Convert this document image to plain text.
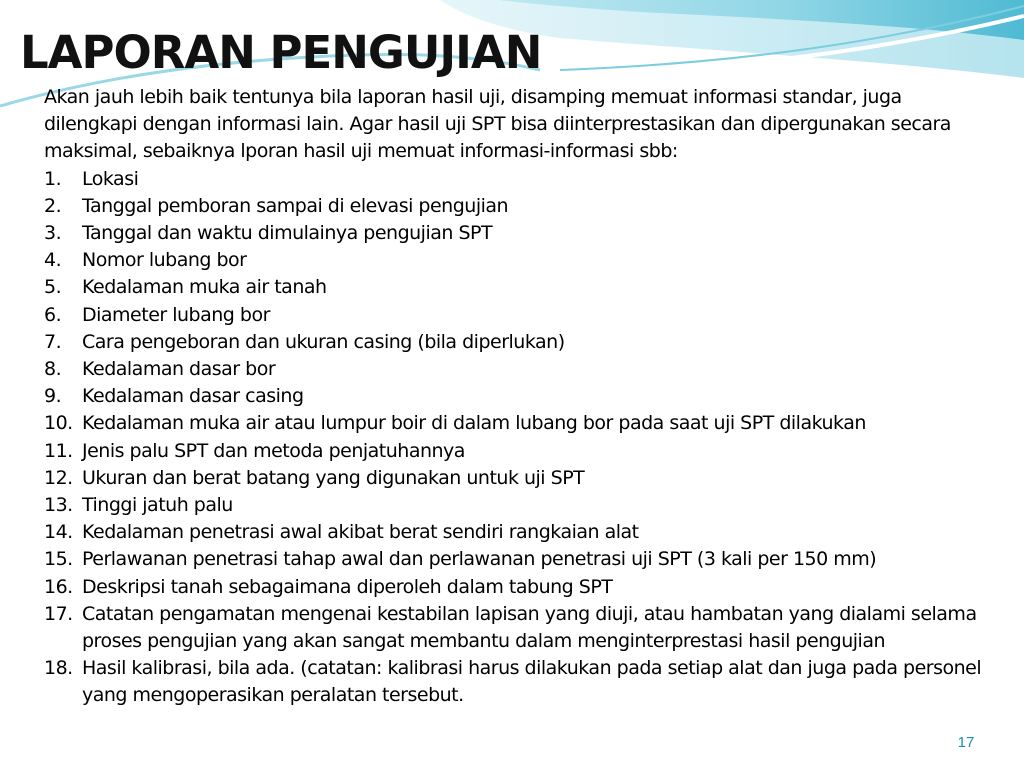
LAPORAN PENGUJIAN

Akan jauh lebih baik tentunya bila laporan hasil uji, disamping memuat informasi standar, juga dilengkapi dengan informasi lain. Agar hasil uji SPT bisa diinterprestasikan dan dipergunakan secara maksimal, sebaiknya lporan hasil uji memuat informasi-informasi sbb:

1.	Lokasi
2.	Tanggal pemboran sampai di elevasi pengujian
3.	Tanggal dan waktu dimulainya pengujian SPT
4.	Nomor lubang bor
5.	Kedalaman muka air tanah
6.	Diameter lubang bor
7.	Cara pengeboran dan ukuran casing (bila diperlukan)
8.	Kedalaman dasar bor
9.	Kedalaman dasar casing
10. Kedalaman muka air atau lumpur boir di dalam lubang bor pada saat uji SPT dilakukan
11. Jenis palu SPT dan metoda penjatuhannya
12. Ukuran dan berat batang yang digunakan untuk uji SPT
13. Tinggi jatuh palu
14. Kedalaman penetrasi awal akibat berat sendiri rangkaian alat
15. Perlawanan penetrasi tahap awal dan perlawanan penetrasi uji SPT (3 kali per 150 mm)
16. Deskripsi tanah sebagaimana diperoleh dalam tabung SPT
17. Catatan pengamatan mengenai kestabilan lapisan yang diuji, atau hambatan yang dialami selama proses pengujian yang akan sangat membantu dalam menginterprestasi hasil pengujian
18. Hasil kalibrasi, bila ada. (catatan: kalibrasi harus dilakukan pada setiap alat dan juga pada personel yang mengoperasikan peralatan tersebut.
17
